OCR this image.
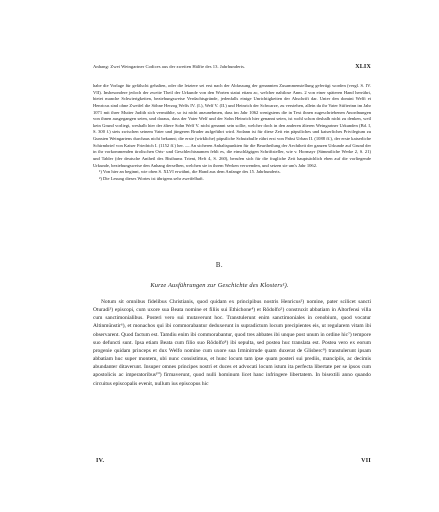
Anhang: Zwei Weingartner Codices aus der zweiten Hälfte des 13. Jahrhunderts.	XLIX

habe die Vorlage für gefälscht gehalten, oder die letztere sei erst nach der Abfassung der genannten Zusammenstellung gefertigt worden (vergl. S. IV. VII). Insbesondere jedoch der zweite Theil der Urkunde von den Worten statui etiam ac, welcher nahtlose Anm. 2 von einer späteren Hand herrührt, bietet manche Schwierigkeiten, beziehungsweise Verdachtsgründe, jedenfalls einige Unrichtigkeiten der Abschrift dar. Unter den domini Welfi et Henricus sind ohne Zweifel die Söhne Herzog Welfs IV. (I.), Welf V. (II.) und Heinrich der Schwarze, zu verstehen, allein da ihr Vater Stifterinn im Jahr 1071 mit ihrer Mutter Judith sich vermählte, so ist nicht anzunehmen, dass im Jahr 1062 wenigstens die in Text ihnen zugeschriebenen Anordnungen von ihnen ausgegangen seien, und daraus, dass der Vater Welf und der Sohn Heinrich hier genannt seien, ist wohl schon deshalb nicht zu denken, weil kein Grund vorliegt, weshalb hier der ältere Sohn Welf V. nicht genannt sein sollte, welcher doch in den anderen älteren Weingartner Urkunden (Bd. I, S. 300 f.) stets zwischen seinem Vater und jüngeren Bruder aufgeführt wird. Sodann ist für diese Zeit ein päpstliches und kaiserliches Privilegium zu Gunsten Weingartens durchaus nicht bekannt; die erste (wirkliche) päpstliche Schutzbulle rührt erst von Pabst Urban II. (1088 ff.), der erste kaiserliche Schirmbrief von Kaiser Friedrich I. (1152 ff.) her. — An sicheren Anhaltspunkten für die Beurtheilung der Aechtheit der ganzen Urkunde auf Grund der in ihr vorkommenden tirolischen Orts- und Geschlechtsnamen fehlt es, die einschlägigen Schriftsteller, wie v. Hormayr (Sämmtliche Werke 2, S. 21) und Tabler (der deutsche Antheil des Bisthums Trient, Heft 4, S. 260), berufen sich für die fragliche Zeit hauptsächlich eben auf die vorliegende Urkunde, beziehungsweise den Anhang derselben, welchen sie in ihrem Werken verwenden, und setzen sie um's Jahr 1062.

¹) Von hier an beginnt, wie oben S. XLVI erwähnt, die Hand aus dem Anfange des 15. Jahrhunderts.

²) Die Lesung dieses Wortes ist übrigens sehr zweifelhaft.

B.
Kurze Ausführungen zur Geschichte des Klosters¹).

Notum sit omnibus fidelibus Christianis, quod quidam ex principibus nostris Henricus²) nomine, pater scilicet sancti Oturadi³) episcopi, cum uxore sua Beata nomine et filiis sui Ethichone⁴) et Rôdolfo⁵) construxit abbatiam in Altorfensi villa cum sanctimonialibus. Posteri vero sui mutaverunt hoc. Transtulerunt enim sanctimoniales in cenobium, quod vocatur Altinmünstir⁶), et monachos qui ibi commorabantur deduxerunt in supradictum locum precipientes eis, ut regularem vitam ibi observarent. Quod factum est. Tamdiu enim ibi commorabantur, quod tres abbates ibi unque post unum in ordine hic⁷) tempore suo defuncti sunt. Ipsa etiam Beata cum filio suo Rôdolfo⁸) ibi sepulta, sed postea huc translata est. Postea vero ex eorum progenie quidam princeps et dux Welfo nomine cum uxore sua Irminitrude quam duxerat de Glisberc⁹) transtulerunt ipsam abbatiam huc super montem, ubi nunc consistimus, et hunc locum tam ipse quam posteri sui prediis, mancipiis, ac decimis abundanter ditaverunt. Insuper omnes principes nostri et duces et advocati locum istum ita perfecta libertate per se ipsos cum apostolicis ac imperatoribus¹⁰) firmaverunt, quod nulli hominum licet hanc infringere libertatem. In bisextili anno quando circuitus episcopalis evenit, nullum ius episcopus hic

IV.	VII
